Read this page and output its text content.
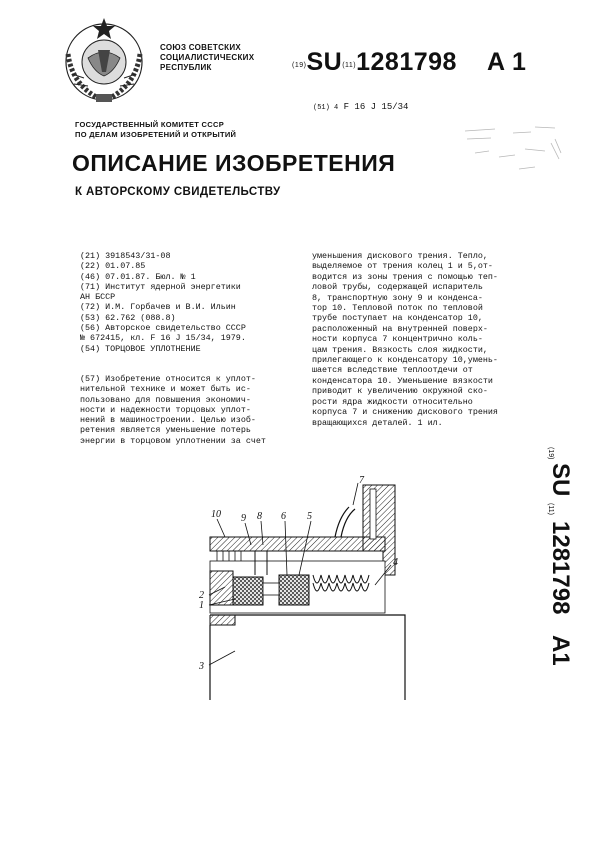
СОЮЗ СОВЕТСКИХ
СОЦИАЛИСТИЧЕСКИХ
РЕСПУБЛИК	(19)SU(11)1281798 A 1
(51) 4 F 16 J 15/34
ГОСУДАРСТВЕННЫЙ КОМИТЕТ СССР
ПО ДЕЛАМ ИЗОБРЕТЕНИЙ И ОТКРЫТИЙ
ОПИСАНИЕ ИЗОБРЕТЕНИЯ
К АВТОРСКОМУ СВИДЕТЕЛЬСТВУ
(21) 3918543/31-08
(22) 01.07.85
(46) 07.01.87. Бюл. № 1
(71) Институт ядерной энергетики
АН БССР
(72) И.М. Горбачев и В.И. Ильин
(53) 62.762 (088.8)
(56) Авторское свидетельство СССР
№ 672415, кл. F 16 J 15/34, 1979.
(54) ТОРЦОВОЕ УПЛОТНЕНИЕ
(57) Изобретение относится к уплот-
нительной технике и может быть ис-
пользовано для повышения экономич-
ности и надежности торцовых уплот-
нений в машиностроении. Целью изоб-
ретения является уменьшение потерь
энергии в торцовом уплотнении за счет
уменьшения дискового трения. Тепло,
выделяемое от трения колец 1 и 5,от-
водится из зоны трения с помощью теп-
ловой трубы, содержащей испаритель
8, транспортную зону 9 и конденса-
тор 10. Тепловой поток по тепловой
трубе поступает на конденсатор 10,
расположенный на внутренней поверх-
ности корпуса 7 концентрично коль-
цам трения. Вязкость слоя жидкости,
прилегающего к конденсатору 10,умень-
шается вследствие теплоотдечи от
конденсатора 10. Уменьшение вязкости
приводит к увеличению окружной ско-
рости ядра жидкости относительно
корпуса 7 и снижению дискового трения
вращающихся деталей. 1 ил.
(19)
SU
(11)
1281798
A1
10 9 8 6 5
7
4
2
1
3
